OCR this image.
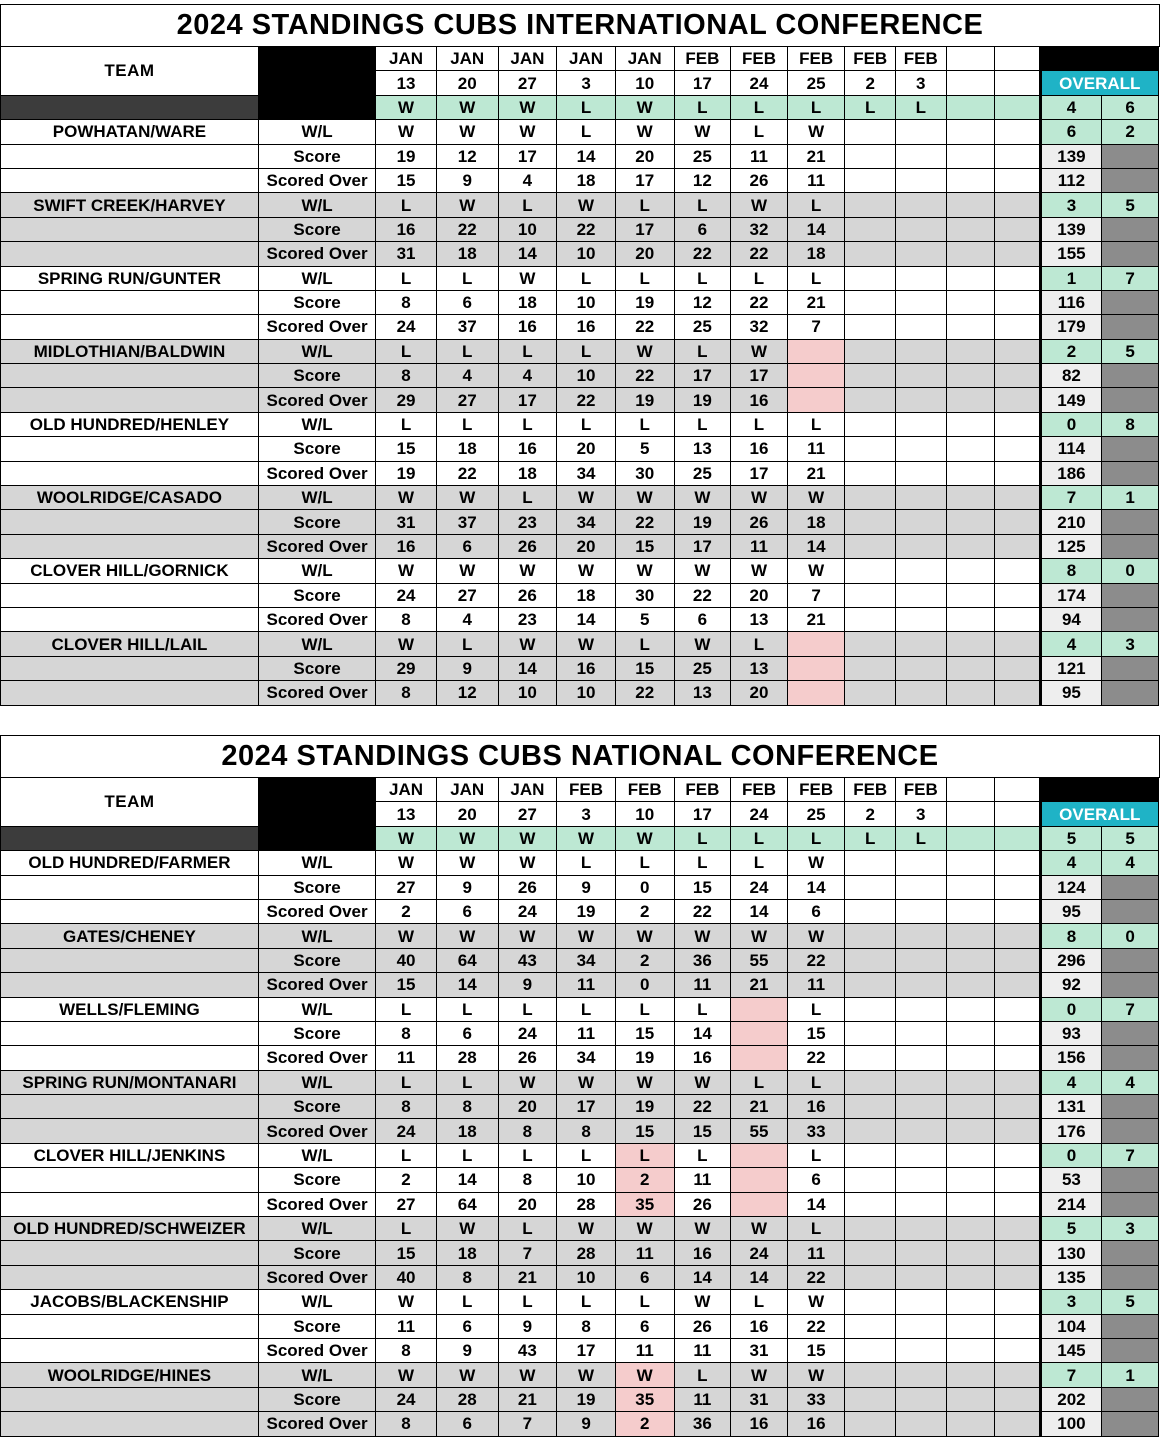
2024 STANDINGS CUBS INTERNATIONAL CONFERENCE
TEAM		JAN	JAN	JAN	JAN	JAN	FEB	FEB	FEB	FEB	FEB				
		13	20	27	3	10	17	24	25	2	3			OVERALL	
		W	W	W	L	W	L	L	L	L	L			4	6
POWHATAN/WARE	W/L	W	W	W	L	W	W	L	W					6	2
	Score	19	12	17	14	20	25	11	21					139	
	Scored Over	15	9	4	18	17	12	26	11					112	
SWIFT CREEK/HARVEY	W/L	L	W	L	W	L	L	W	L					3	5
	Score	16	22	10	22	17	6	32	14					139	
	Scored Over	31	18	14	10	20	22	22	18					155	
SPRING RUN/GUNTER	W/L	L	L	W	L	L	L	L	L					1	7
	Score	8	6	18	10	19	12	22	21					116	
	Scored Over	24	37	16	16	22	25	32	7					179	
MIDLOTHIAN/BALDWIN	W/L	L	L	L	L	W	L	W						2	5
	Score	8	4	4	10	22	17	17						82	
	Scored Over	29	27	17	22	19	19	16						149	
OLD HUNDRED/HENLEY	W/L	L	L	L	L	L	L	L	L					0	8
	Score	15	18	16	20	5	13	16	11					114	
	Scored Over	19	22	18	34	30	25	17	21					186	
WOOLRIDGE/CASADO	W/L	W	W	L	W	W	W	W	W					7	1
	Score	31	37	23	34	22	19	26	18					210	
	Scored Over	16	6	26	20	15	17	11	14					125	
CLOVER HILL/GORNICK	W/L	W	W	W	W	W	W	W	W					8	0
	Score	24	27	26	18	30	22	20	7					174	
	Scored Over	8	4	23	14	5	6	13	21					94	
CLOVER HILL/LAIL	W/L	W	L	W	W	L	W	L						4	3
	Score	29	9	14	16	15	25	13						121	
	Scored Over	8	12	10	10	22	13	20						95	
2024 STANDINGS CUBS NATIONAL CONFERENCE
TEAM		JAN	JAN	JAN	FEB	FEB	FEB	FEB	FEB	FEB	FEB				
		13	20	27	3	10	17	24	25	2	3			OVERALL	
		W	W	W	W	W	L	L	L	L	L			5	5
OLD HUNDRED/FARMER	W/L	W	W	W	L	L	L	L	W					4	4
	Score	27	9	26	9	0	15	24	14					124	
	Scored Over	2	6	24	19	2	22	14	6					95	
GATES/CHENEY	W/L	W	W	W	W	W	W	W	W					8	0
	Score	40	64	43	34	2	36	55	22					296	
	Scored Over	15	14	9	11	0	11	21	11					92	
WELLS/FLEMING	W/L	L	L	L	L	L	L		L					0	7
	Score	8	6	24	11	15	14		15					93	
	Scored Over	11	28	26	34	19	16		22					156	
SPRING RUN/MONTANARI	W/L	L	L	W	W	W	W	L	L					4	4
	Score	8	8	20	17	19	22	21	16					131	
	Scored Over	24	18	8	8	15	15	55	33					176	
CLOVER HILL/JENKINS	W/L	L	L	L	L	L	L		L					0	7
	Score	2	14	8	10	2	11		6					53	
	Scored Over	27	64	20	28	35	26		14					214	
OLD HUNDRED/SCHWEIZER	W/L	L	W	L	W	W	W	W	L					5	3
	Score	15	18	7	28	11	16	24	11					130	
	Scored Over	40	8	21	10	6	14	14	22					135	
JACOBS/BLACKENSHIP	W/L	W	L	L	L	L	W	L	W					3	5
	Score	11	6	9	8	6	26	16	22					104	
	Scored Over	8	9	43	17	11	11	31	15					145	
WOOLRIDGE/HINES	W/L	W	W	W	W	W	L	W	W					7	1
	Score	24	28	21	19	35	11	31	33					202	
	Scored Over	8	6	7	9	2	36	16	16					100	
